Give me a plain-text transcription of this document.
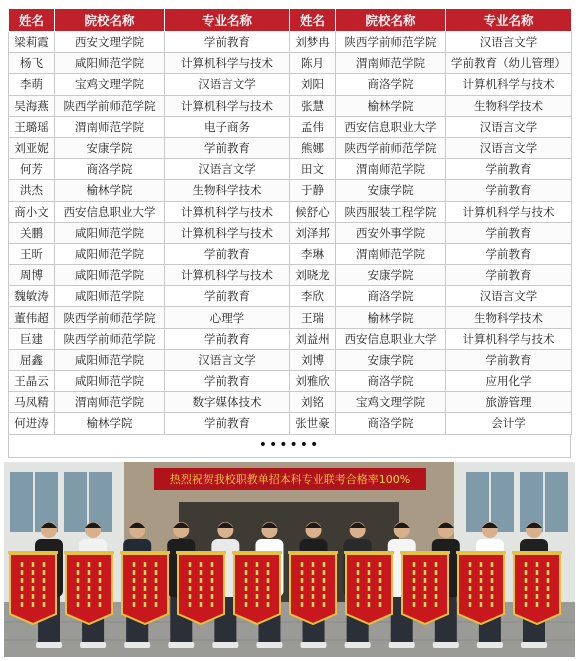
姓名	院校名称	专业名称	姓名	院校名称	专业名称
梁莉霞	西安文理学院	学前教育	刘梦冉	陕西学前师范学院	汉语言文学
杨飞	咸阳师范学院	计算机科学与技术	陈月	渭南师范学院	学前教育（幼儿管理）
李萌	宝鸡文理学院	汉语言文学	刘阳	商洛学院	计算机科学与技术
吴海燕	陕西学前师范学院	计算机科学与技术	张慧	榆林学院	生物科学技术
王璐瑶	渭南师范学院	电子商务	孟伟	西安信息职业大学	汉语言文学
刘亚妮	安康学院	学前教育	熊娜	陕西学前师范学院	汉语言文学
何芳	商洛学院	汉语言文学	田文	渭南师范学院	学前教育
洪杰	榆林学院	生物科学技术	于静	安康学院	学前教育
商小文	西安信息职业大学	计算机科学与技术	候舒心	陕西服装工程学院	计算机科学与技术
关鹏	咸阳师范学院	计算机科学与技术	刘泽邦	西安外事学院	学前教育
王昕	咸阳师范学院	学前教育	李琳	渭南师范学院	学前教育
周博	咸阳师范学院	计算机科学与技术	刘晓龙	安康学院	学前教育
魏敏涛	咸阳师范学院	学前教育	李欣	商洛学院	汉语言文学
董伟超	陕西学前师范学院	心理学	王瑞	榆林学院	生物科学技术
巨建	陕西学前师范学院	学前教育	刘益州	西安信息职业大学	计算机科学与技术
屈鑫	咸阳师范学院	汉语言文学	刘博	安康学院	学前教育
王晶云	咸阳师范学院	学前教育	刘雅欣	商洛学院	应用化学
马凤精	渭南师范学院	数字媒体技术	刘铭	宝鸡文理学院	旅游管理
何进涛	榆林学院	学前教育	张世豪	商洛学院	会计学
••••••
热烈祝贺我校职教单招本科专业联考合格率100%
